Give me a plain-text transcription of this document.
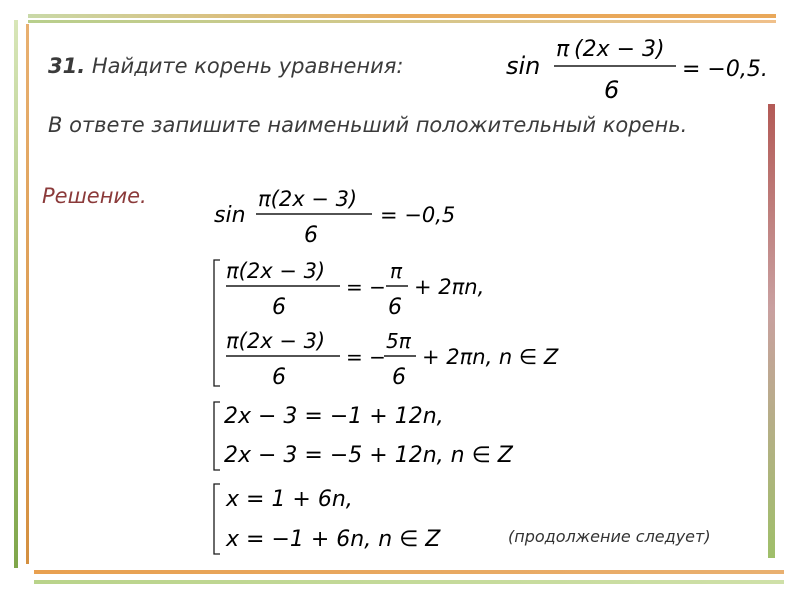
31. Найдите корень уравнения:	sin
π (2x − 3)
6
= −0,5.
В ответе запишите наименьший положительный корень.
Решение.
sin
π(2x − 3)
6
= −0,5
π(2x − 3)
6
= −
π
6
+ 2πn,
π(2x − 3)
6
= −
5π
6
+ 2πn, n ∈ Z
2x − 3 = −1 + 12n,
2x − 3 = −5 + 12n, n ∈ Z
x = 1 + 6n,
x = −1 + 6n, n ∈ Z	(продолжение следует)
